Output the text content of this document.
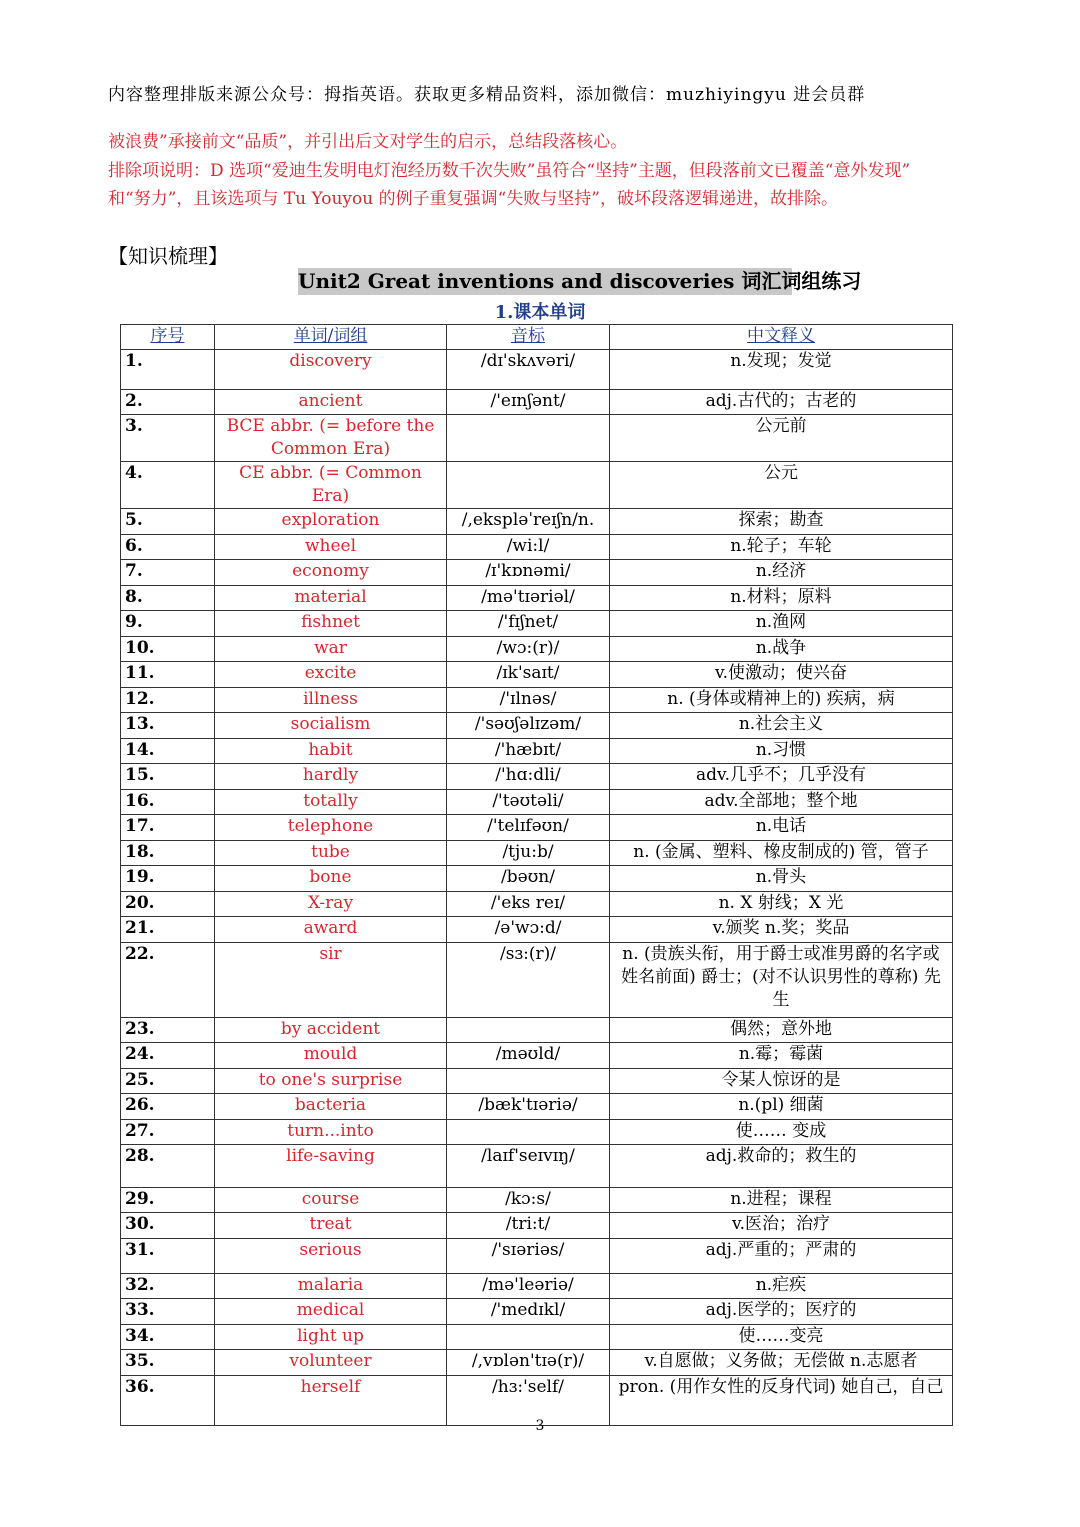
内容整理排版来源公众号：拇指英语。获取更多精品资料，添加微信：muzhiyingyu 进会员群
被浪费”承接前文“品质”，并引出后文对学生的启示，总结段落核心。
排除项说明：D 选项“爱迪生发明电灯泡经历数千次失败”虽符合“坚持”主题，但段落前文已覆盖“意外发现”
和“努力”，且该选项与 Tu Youyou 的例子重复强调“失败与坚持”，破坏段落逻辑递进，故排除。
【知识梳理】
Unit2 Great inventions and discoveries 词汇词组练习
1.课本单词
序号	单词/词组	音标	中文释义
1.	discovery	/dɪ'skʌvəri/	n.发现；发觉
2.	ancient	/'eɪnʃənt/	adj.古代的；古老的
3.	BCE abbr. (= before the Common Era)		公元前
4.	CE abbr. (= Common Era)		公元
5.	exploration	/,ekspləˈreɪʃn/n.	探索；勘查
6.	wheel	/wi:l/	n.轮子；车轮
7.	economy	/ɪ'kɒnəmi/	n.经济
8.	material	/mə'tɪəriəl/	n.材料；原料
9.	fishnet	/'fɪʃnet/	n.渔网
10.	war	/wɔ:(r)/	n.战争
11.	excite	/ɪk'saɪt/	v.使激动；使兴奋
12.	illness	/'ɪlnəs/	n. (身体或精神上的) 疾病，病
13.	socialism	/'səʊʃəlɪzəm/	n.社会主义
14.	habit	/'hæbɪt/	n.习惯
15.	hardly	/'hɑ:dli/	adv.几乎不；几乎没有
16.	totally	/'təʊtəli/	adv.全部地；整个地
17.	telephone	/'telɪfəʊn/	n.电话
18.	tube	/tju:b/	n. (金属、塑料、橡皮制成的) 管，管子
19.	bone	/bəʊn/	n.骨头
20.	X-ray	/'eks reɪ/	n. X 射线；X 光
21.	award	/ə'wɔ:d/	v.颁奖 n.奖；奖品
22.	sir	/sɜ:(r)/	n. (贵族头衔，用于爵士或准男爵的名字或姓名前面) 爵士；(对不认识男性的尊称) 先生
23.	by accident		偶然；意外地
24.	mould	/məʊld/	n.霉；霉菌
25.	to one's surprise		令某人惊讶的是
26.	bacteria	/bæk'tɪəriə/	n.(pl) 细菌
27.	turn...into		使…… 变成
28.	life-saving	/laɪf'seɪvɪŋ/	adj.救命的；救生的
29.	course	/kɔ:s/	n.进程；课程
30.	treat	/tri:t/	v.医治；治疗
31.	serious	/'sɪəriəs/	adj.严重的；严肃的
32.	malaria	/mə'leəriə/	n.疟疾
33.	medical	/'medɪkl/	adj.医学的；医疗的
34.	light up		使……变亮
35.	volunteer	/,vɒlən'tɪə(r)/	v.自愿做；义务做；无偿做 n.志愿者
36.	herself	/hɜ:'self/	pron. (用作女性的反身代词) 她自己，自己
3
